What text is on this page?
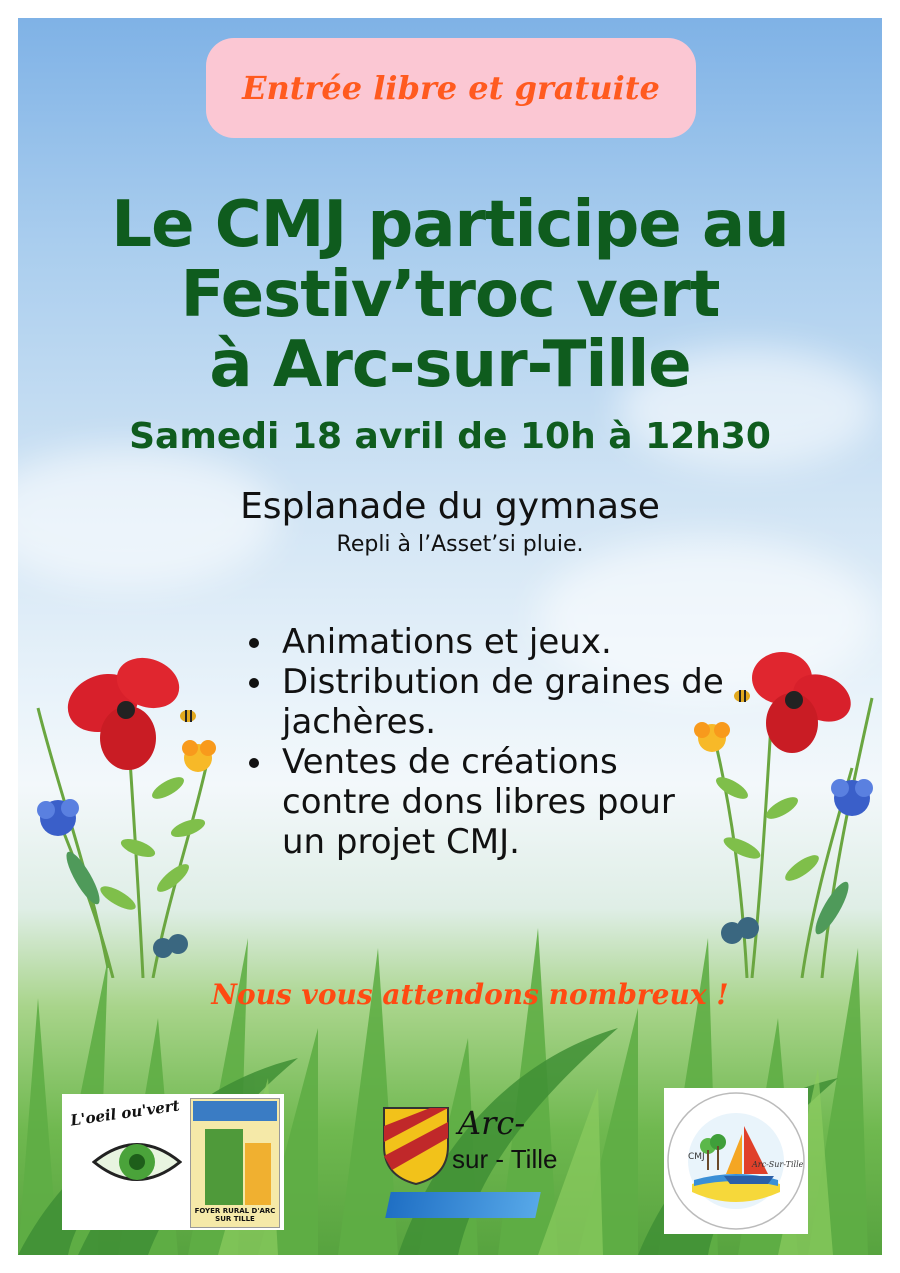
Entrée libre et gratuite
Le CMJ participe au
Festiv’troc vert
à Arc-sur-Tille
Samedi 18 avril de 10h à 12h30
Esplanade du gymnase
Repli à l’Asset’si pluie.
• Animations et jeux.
• Distribution de graines de jachères.
• Ventes de créations contre dons libres pour un projet CMJ.
Nous vous attendons nombreux !
L'oeil ou'vert
FOYER RURAL D'ARC SUR TILLE
Arc-
sur - Tille	CMJ
Arc-Sur-Tille
